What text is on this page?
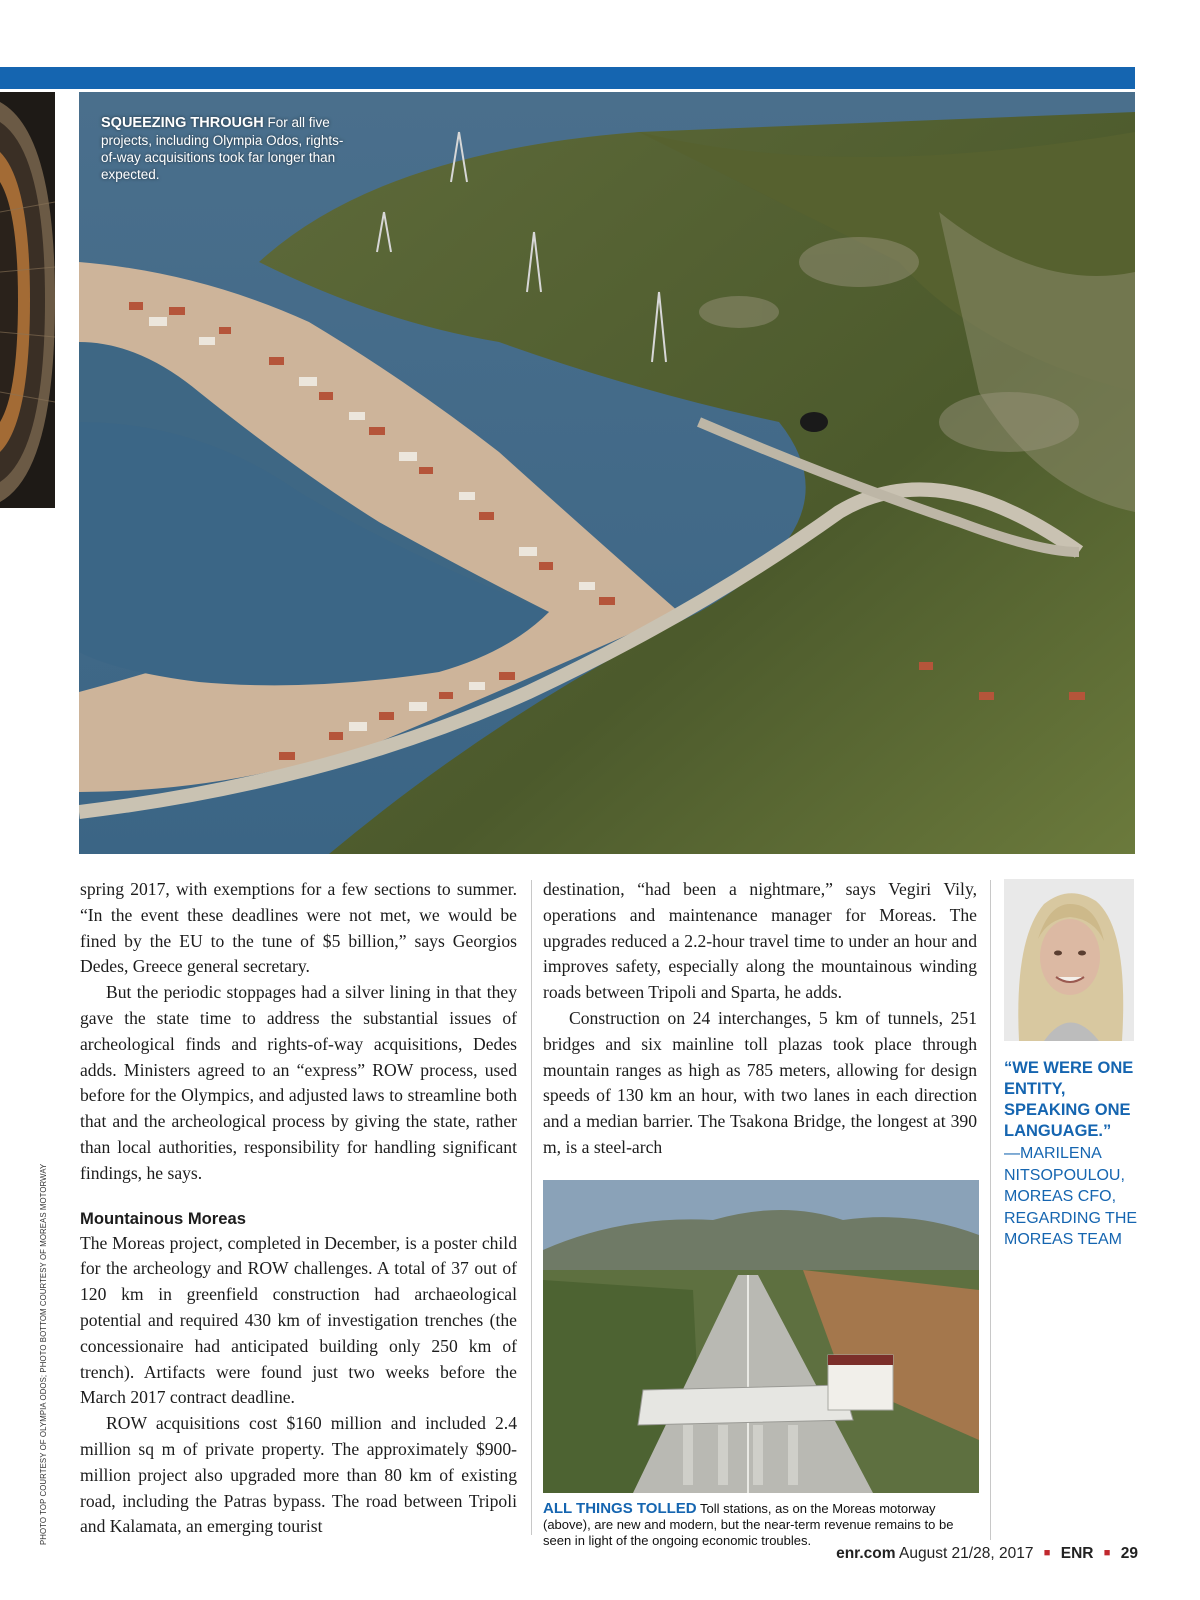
SQUEEZING THROUGH For all five projects, including Olympia Odos, rights-of-way acquisitions took far longer than expected.
PHOTO TOP COURTESY OF OLYMPIA ODOS; PHOTO BOTTOM COURTESY OF MOREAS MOTORWAY

spring 2017, with exemptions for a few sections to summer. “In the event these deadlines were not met, we would be fined by the EU to the tune of $5 billion,” says Georgios Dedes, Greece general secretary.

But the periodic stoppages had a silver lining in that they gave the state time to address the substantial issues of archeological finds and rights-of-way acquisitions, Dedes adds. Ministers agreed to an “express” ROW process, used before for the Olympics, and adjusted laws to streamline both that and the archeological process by giving the state, rather than local authorities, responsibility for handling significant findings, he says.

Mountainous Moreas

The Moreas project, completed in December, is a poster child for the archeology and ROW challenges. A total of 37 out of 120 km in greenfield construction had archaeological potential and required 430 km of investigation trenches (the concessionaire had anticipated building only 250 km of trench). Artifacts were found just two weeks before the March 2017 contract deadline.

ROW acquisitions cost $160 million and included 2.4 million sq m of private property. The approximately $900-million project also upgraded more than 80 km of existing road, including the Patras bypass. The road between Tripoli and Kalamata, an emerging tourist

destination, “had been a nightmare,” says Vegiri Vily, operations and maintenance manager for Moreas. The upgrades reduced a 2.2-hour travel time to under an hour and improves safety, especially along the mountainous winding roads between Tripoli and Sparta, he adds.

Construction on 24 interchanges, 5 km of tunnels, 251 bridges and six mainline toll plazas took place through mountain ranges as high as 785 meters, allowing for design speeds of 130 km an hour, with two lanes in each direction and a median barrier. The Tsakona Bridge, the longest at 390 m, is a steel-arch

ALL THINGS TOLLED Toll stations, as on the Moreas motorway (above), are new and modern, but the near-term revenue remains to be seen in light of the ongoing economic troubles.
“WE WERE ONE ENTITY, SPEAKING ONE LANGUAGE.”
—MARILENA NITSOPOULOU, MOREAS CFO, REGARDING THE MOREAS TEAM
enr.com August 21/28, 2017 ■ ENR ■ 29
